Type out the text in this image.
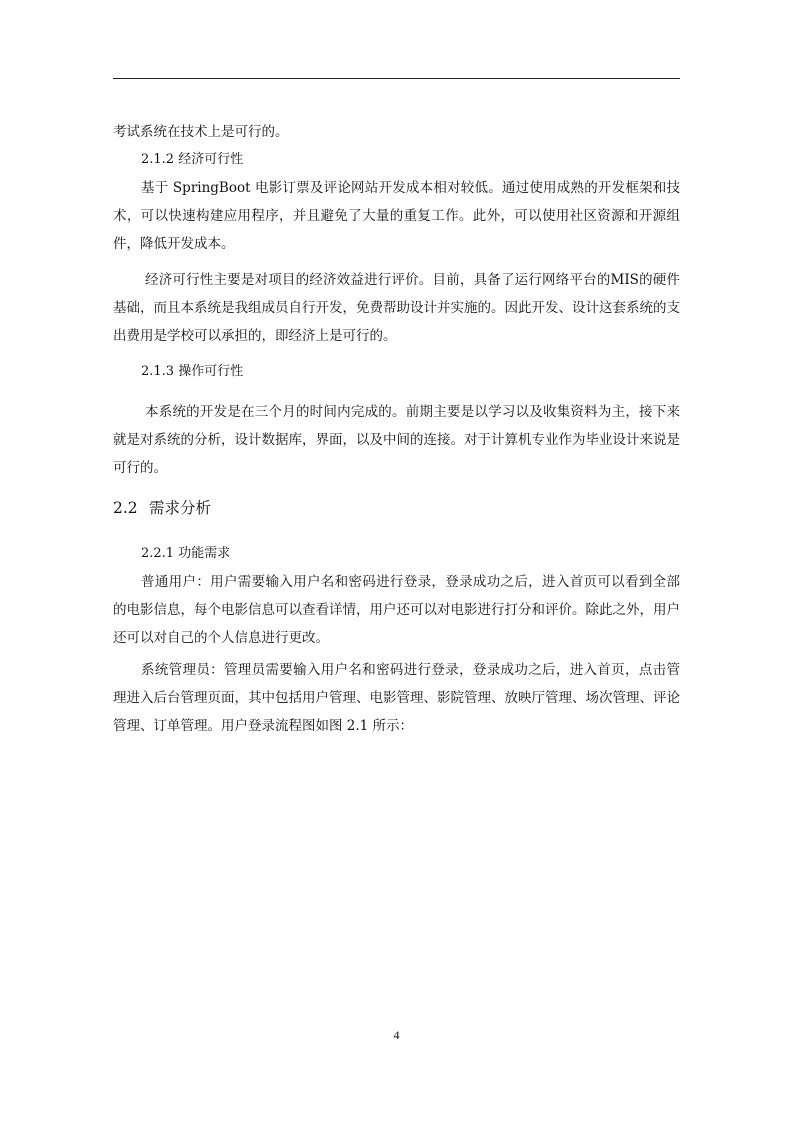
考试系统在技术上是可行的。

2.1.2 经济可行性

基于 SpringBoot 电影订票及评论网站开发成本相对较低。通过使用成熟的开发框架和技术，可以快速构建应用程序，并且避免了大量的重复工作。此外，可以使用社区资源和开源组件，降低开发成本。

经济可行性主要是对项目的经济效益进行评价。目前，具备了运行网络平台的MIS的硬件基础，而且本系统是我组成员自行开发，免费帮助设计并实施的。因此开发、设计这套系统的支出费用是学校可以承担的，即经济上是可行的。

2.1.3 操作可行性

本系统的开发是在三个月的时间内完成的。前期主要是以学习以及收集资料为主，接下来就是对系统的分析，设计数据库，界面，以及中间的连接。对于计算机专业作为毕业设计来说是可行的。

2.2 需求分析
2.2.1 功能需求

普通用户：用户需要输入用户名和密码进行登录，登录成功之后，进入首页可以看到全部的电影信息，每个电影信息可以查看详情，用户还可以对电影进行打分和评价。除此之外，用户还可以对自己的个人信息进行更改。

系统管理员：管理员需要输入用户名和密码进行登录，登录成功之后，进入首页，点击管理进入后台管理页面，其中包括用户管理、电影管理、影院管理、放映厅管理、场次管理、评论管理、订单管理。用户登录流程图如图 2.1 所示：

4
